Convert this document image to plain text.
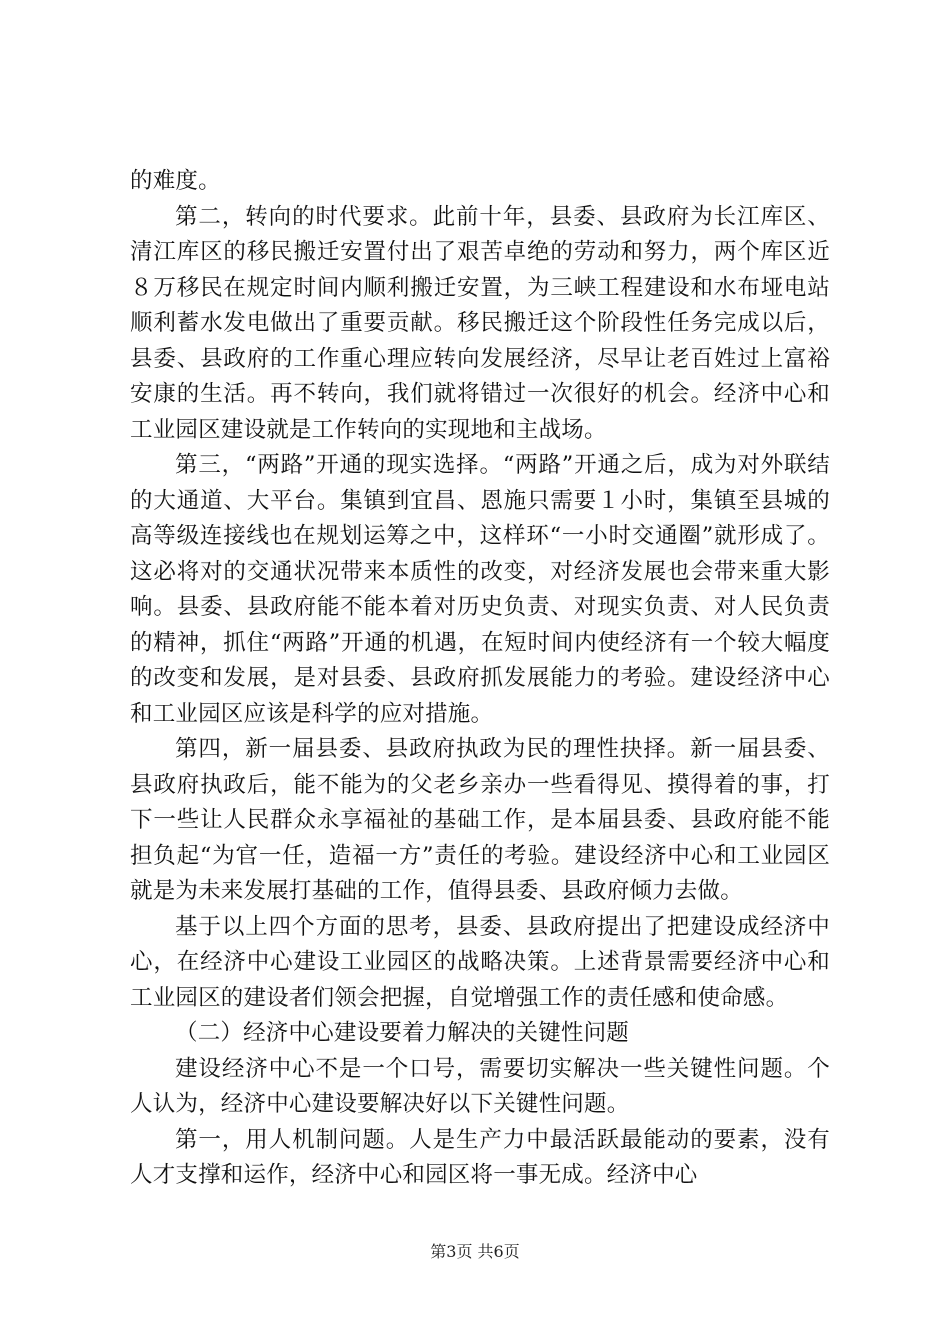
的难度。

第二，转向的时代要求。此前十年，县委、县政府为长江库区、清江库区的移民搬迁安置付出了艰苦卓绝的劳动和努力，两个库区近８万移民在规定时间内顺利搬迁安置，为三峡工程建设和水布垭电站顺利蓄水发电做出了重要贡献。移民搬迁这个阶段性任务完成以后，县委、县政府的工作重心理应转向发展经济，尽早让老百姓过上富裕安康的生活。再不转向，我们就将错过一次很好的机会。经济中心和工业园区建设就是工作转向的实现地和主战场。

第三，“两路”开通的现实选择。“两路”开通之后，成为对外联结的大通道、大平台。集镇到宜昌、恩施只需要１小时，集镇至县城的高等级连接线也在规划运筹之中，这样环“一小时交通圈”就形成了。这必将对的交通状况带来本质性的改变，对经济发展也会带来重大影响。县委、县政府能不能本着对历史负责、对现实负责、对人民负责的精神，抓住“两路”开通的机遇，在短时间内使经济有一个较大幅度的改变和发展，是对县委、县政府抓发展能力的考验。建设经济中心和工业园区应该是科学的应对措施。

第四，新一届县委、县政府执政为民的理性抉择。新一届县委、县政府执政后，能不能为的父老乡亲办一些看得见、摸得着的事，打下一些让人民群众永享福祉的基础工作，是本届县委、县政府能不能担负起“为官一任，造福一方”责任的考验。建设经济中心和工业园区就是为未来发展打基础的工作，值得县委、县政府倾力去做。

基于以上四个方面的思考，县委、县政府提出了把建设成经济中心，在经济中心建设工业园区的战略决策。上述背景需要经济中心和工业园区的建设者们领会把握，自觉增强工作的责任感和使命感。

（二）经济中心建设要着力解决的关键性问题

建设经济中心不是一个口号，需要切实解决一些关键性问题。个人认为，经济中心建设要解决好以下关键性问题。

第一，用人机制问题。人是生产力中最活跃最能动的要素，没有人才支撑和运作，经济中心和园区将一事无成。经济中心

第3页 共6页
